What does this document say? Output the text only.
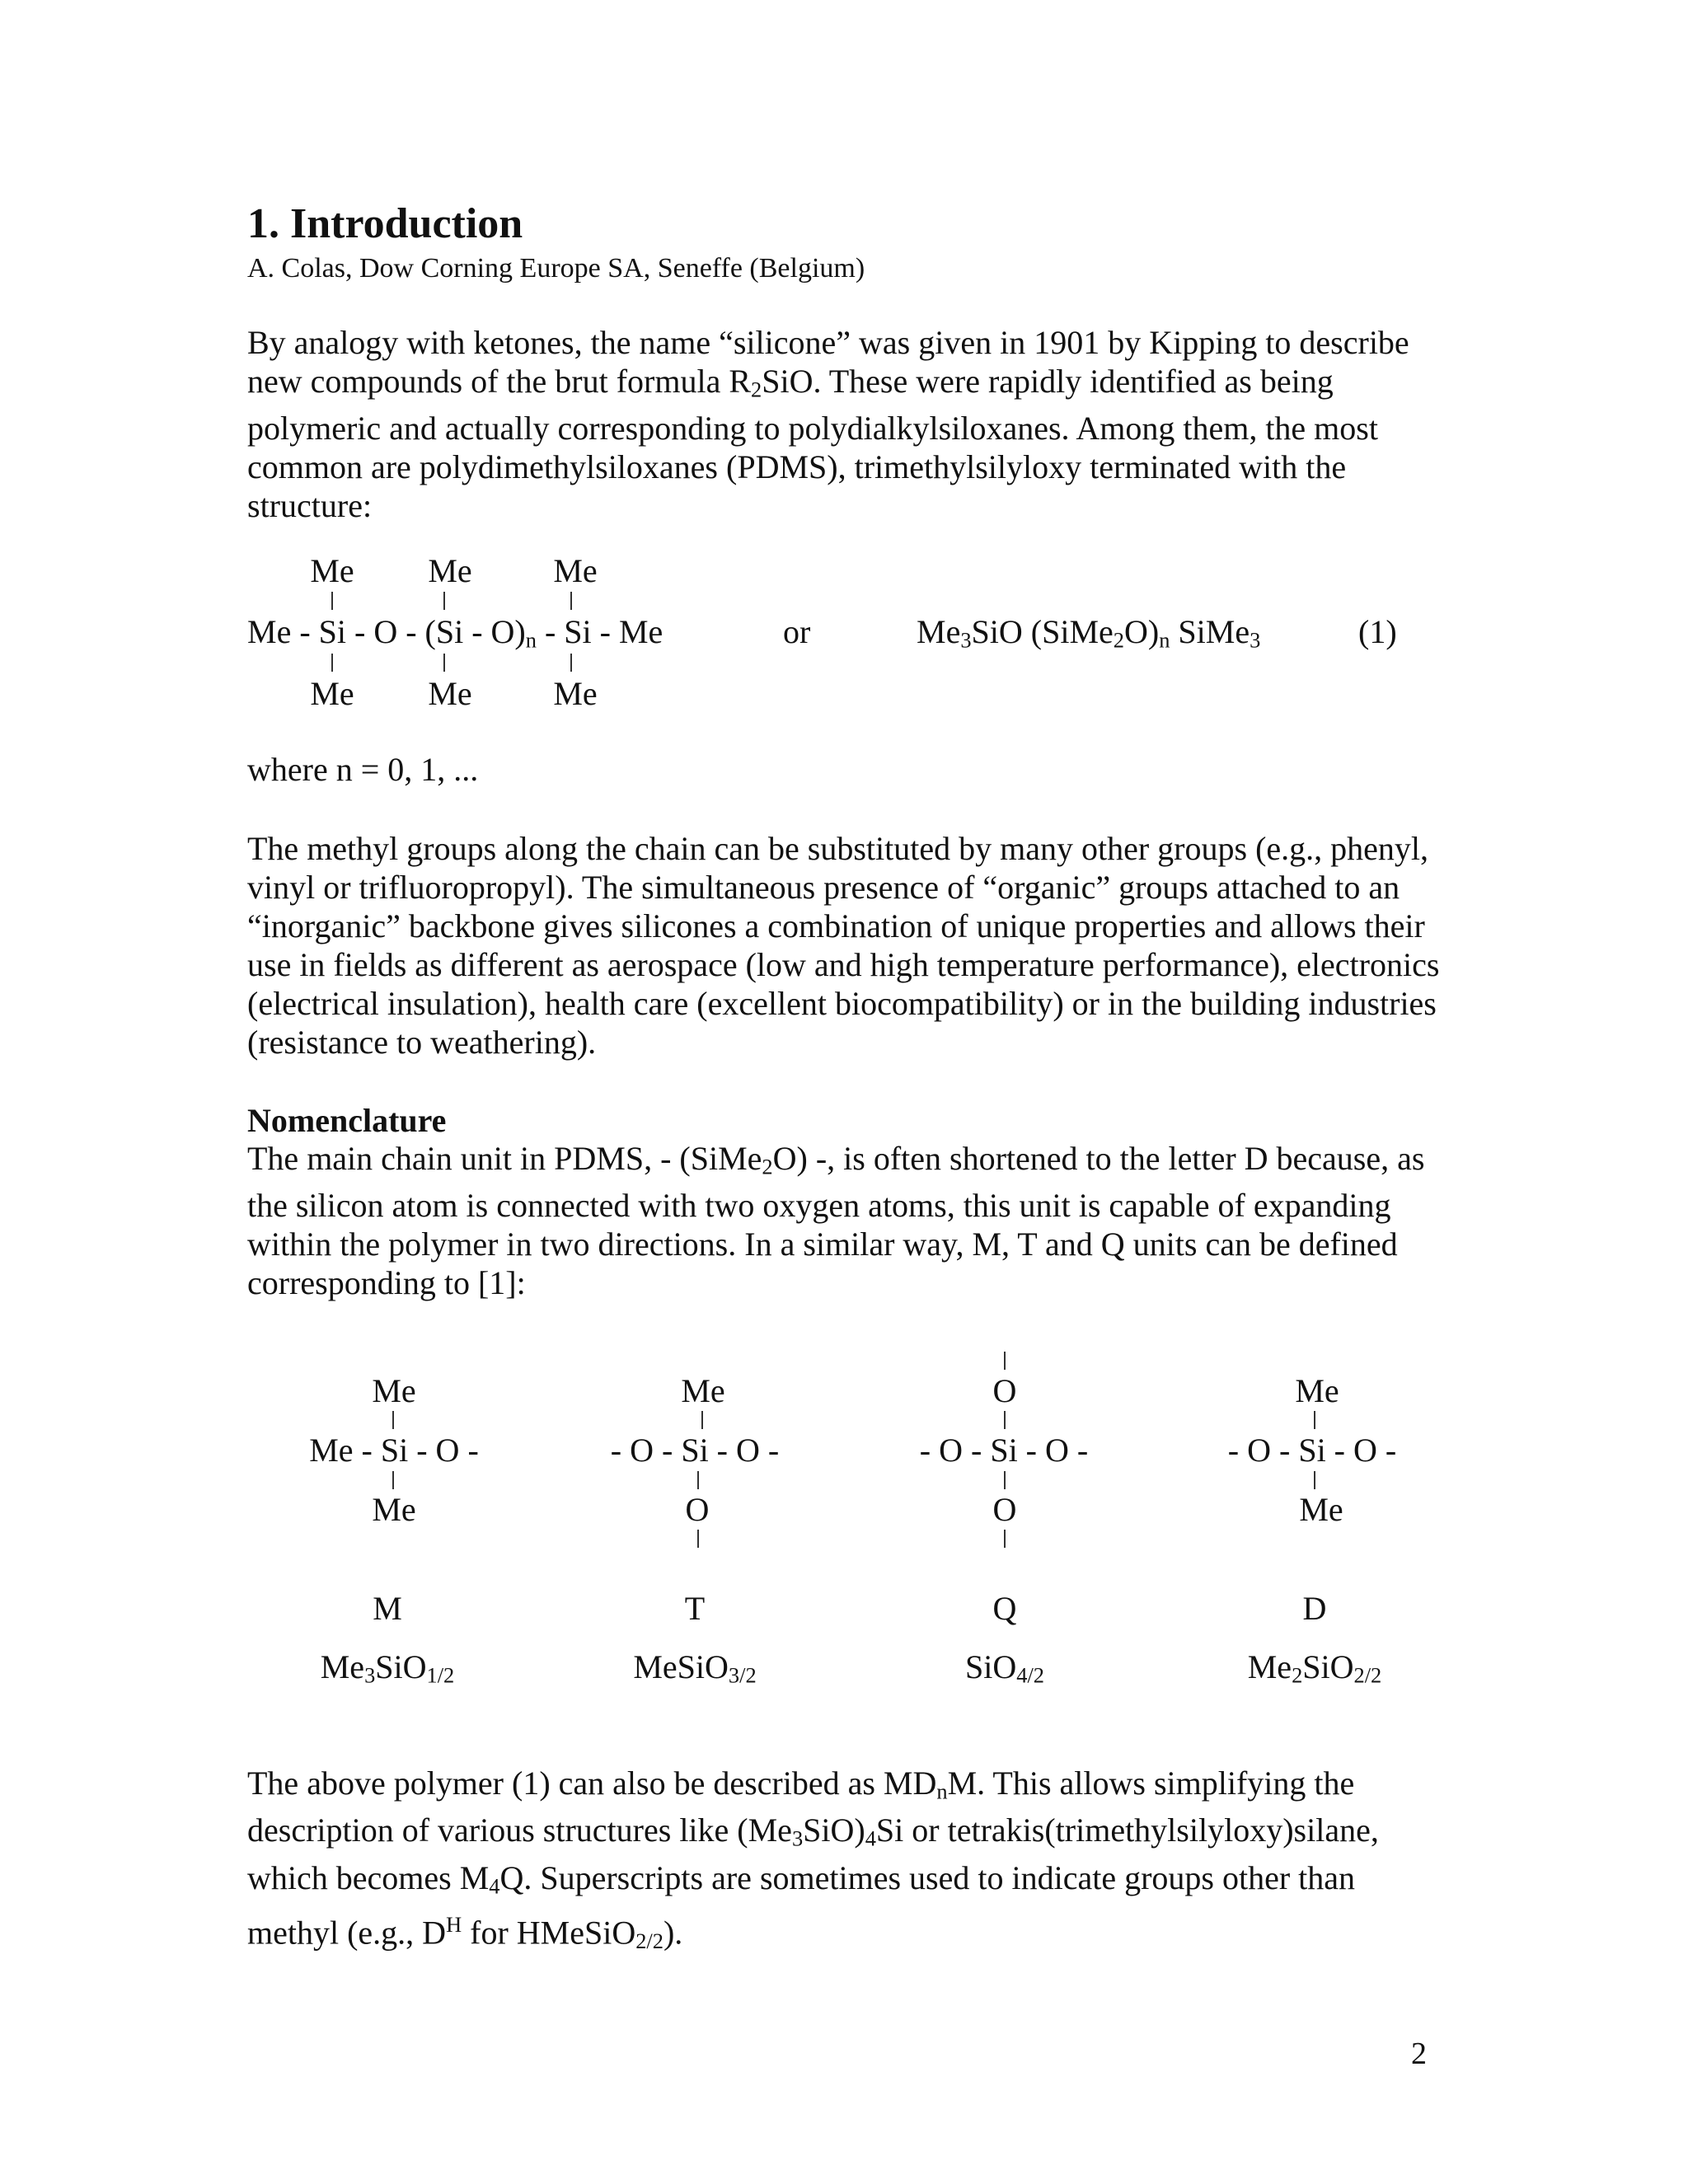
1. Introduction
A. Colas, Dow Corning Europe SA, Seneffe (Belgium)

By analogy with ketones, the name “silicone” was given in 1901 by Kipping to describe new compounds of the brut formula $R_2SiO$. These were rapidly identified as being polymeric and actually corresponding to polydialkylsiloxanes. Among them, the most common are polydimethylsiloxanes (PDMS), trimethylsilyloxy terminated with the structure:

Me Me Me
Me - Si - O - $(Si - O)_n$ - Si - Me
Me Me Me
or	$Me_3SiO$ $(SiMe_2O)_n$ SiMe$_3$	(1)
where n = 0, 1, ...

The methyl groups along the chain can be substituted by many other groups (e.g., phenyl, vinyl or trifluoropropyl). The simultaneous presence of “organic” groups attached to an “inorganic” backbone gives silicones a combination of unique properties and allows their use in fields as different as aerospace (low and high temperature performance), electronics (electrical insulation), health care (excellent biocompatibility) or in the building industries (resistance to weathering).

Nomenclature

The main chain unit in PDMS, - (SiMe$_2$O) -, is often shortened to the letter D because, as the silicon atom is connected with two oxygen atoms, this unit is capable of expanding within the polymer in two directions. In a similar way, M, T and Q units can be defined corresponding to [1]:

Me
Me - Si - O -
Me
M
$Me_3SiO_{1/2}$
Me
- O - Si - O -
O
T
MeSiO$_{3/2}$
O
- O - Si - O -
O
Q
SiO$_{4/2}$
Me
- O - Si - O -
Me
D
$Me_2SiO_{2/2}$

The above polymer (1) can also be described as $MD_nM$. This allows simplifying the description of various structures like $(Me_3SiO)_4Si$ or tetrakis(trimethylsilyloxy)silane, which becomes $M_4Q$. Superscripts are sometimes used to indicate groups other than methyl (e.g., $D^H$ for HMeSiO$_{2/2}$).

2
